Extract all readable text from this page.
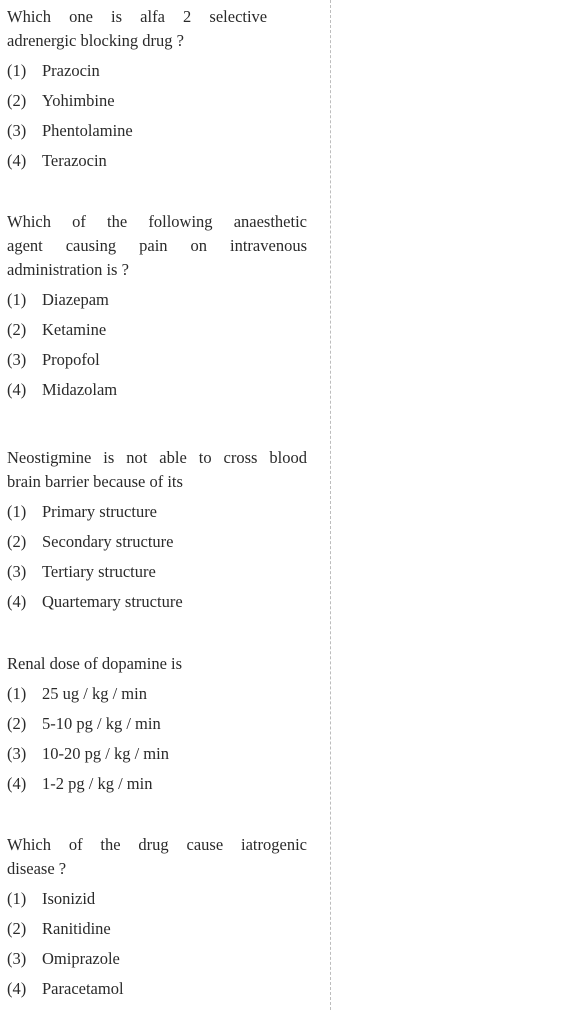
Which one is alfa 2 selective

adrenergic blocking drug ?

(1) Prazocin

(2) Yohimbine

(3) Phentolamine

(4) Terazocin

Which of the following anaesthetic

agent causing pain on intravenous

administration is ?

(1) Diazepam

(2) Ketamine

(3) Propofol

(4) Midazolam

Neostigmine is not able to cross blood

brain barrier because of its

(1) Primary structure

(2) Secondary structure

(3) Tertiary structure

(4) Quartemary structure

Renal dose of dopamine is

(1) 25 ug / kg / min

(2) 5-10 pg / kg / min

(3) 10-20 pg / kg / min

(4) 1-2 pg / kg / min

Which of the drug cause iatrogenic

disease ?

(1) Isonizid

(2) Ranitidine

(3) Omiprazole

(4) Paracetamol
